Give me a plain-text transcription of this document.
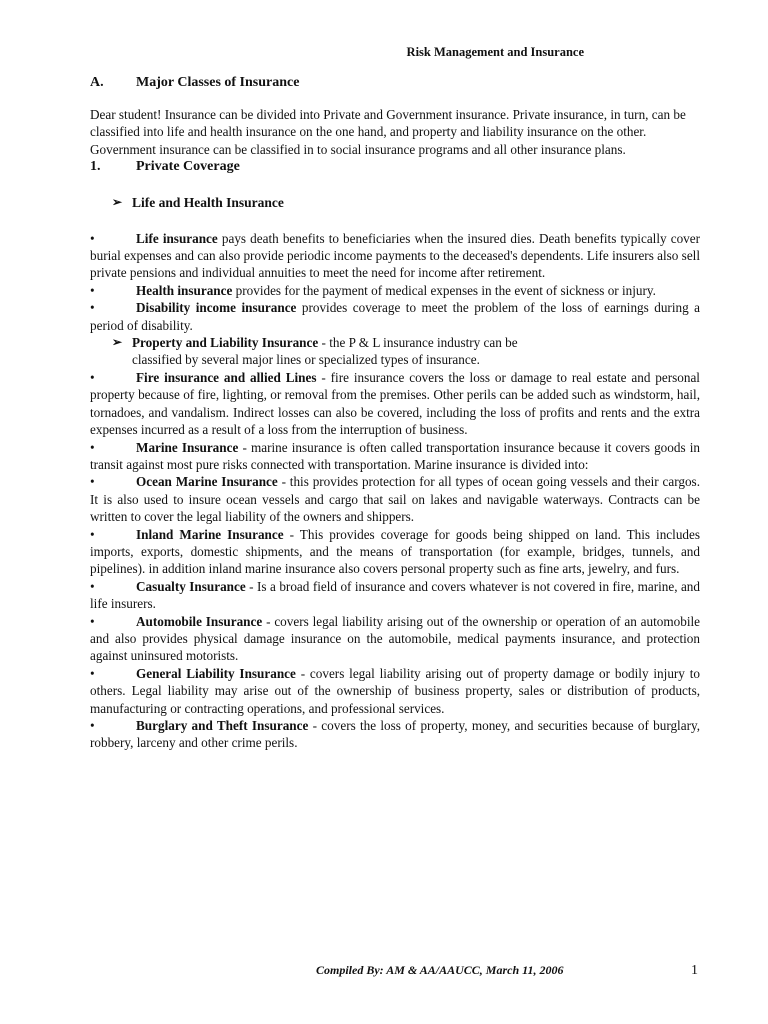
Risk Management and Insurance
A.	Major Classes of Insurance

Dear student! Insurance can be divided into Private and Government insurance. Private insurance, in turn, can be classified into life and health insurance on the one hand, and property and liability insurance on the other. Government insurance can be classified in to social insurance programs and all other insurance plans.

1.	Private Coverage
➢ Life and Health Insurance

•	Life insurance pays death benefits to beneficiaries when the insured dies. Death benefits typically cover burial expenses and can also provide periodic income payments to the deceased's dependents. Life insurers also sell private pensions and individual annuities to meet the need for income after retirement.

•	Health insurance provides for the payment of medical expenses in the event of sickness or injury.

•	Disability income insurance provides coverage to meet the problem of the loss of earnings during a period of disability.

➢ Property and Liability Insurance - the P & L insurance industry can be classified by several major lines or specialized types of insurance.

•	Fire insurance and allied Lines - fire insurance covers the loss or damage to real estate and personal property because of fire, lighting, or removal from the premises. Other perils can be added such as windstorm, hail, tornadoes, and vandalism. Indirect losses can also be covered, including the loss of profits and rents and the extra expenses incurred as a result of a loss from the interruption of business.

•	Marine Insurance - marine insurance is often called transportation insurance because it covers goods in transit against most pure risks connected with transportation. Marine insurance is divided into:

•	Ocean Marine Insurance - this provides protection for all types of ocean going vessels and their cargos. It is also used to insure ocean vessels and cargo that sail on lakes and navigable waterways. Contracts can be written to cover the legal liability of the owners and shippers.

•	Inland Marine Insurance - This provides coverage for goods being shipped on land. This includes imports, exports, domestic shipments, and the means of transportation (for example, bridges, tunnels, and pipelines). in addition inland marine insurance also covers personal property such as fine arts, jewelry, and furs.

•	Casualty Insurance - Is a broad field of insurance and covers whatever is not covered in fire, marine, and life insurers.

•	Automobile Insurance - covers legal liability arising out of the ownership or operation of an automobile and also provides physical damage insurance on the automobile, medical payments insurance, and protection against uninsured motorists.

•	General Liability Insurance - covers legal liability arising out of property damage or bodily injury to others. Legal liability may arise out of the ownership of business property, sales or distribution of products, manufacturing or contracting operations, and professional services.

•	Burglary and Theft Insurance - covers the loss of property, money, and securities because of burglary, robbery, larceny and other crime perils.

Compiled By: AM & AA/AAUCC, March 11, 2006	1
